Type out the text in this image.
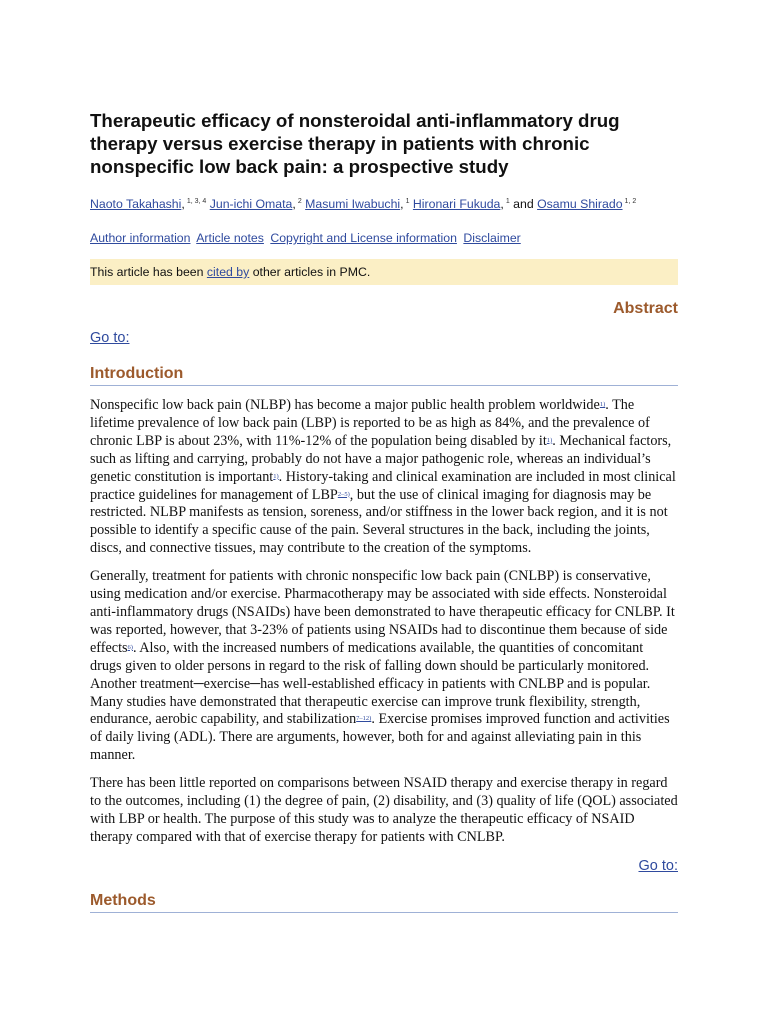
Therapeutic efficacy of nonsteroidal anti-inflammatory drug therapy versus exercise therapy in patients with chronic nonspecific low back pain: a prospective study
Naoto Takahashi, $^{1, 3, 4}$ Jun-ichi Omata, $^2$ Masumi Iwabuchi, $^1$ Hironari Fukuda, $^1$ and Osamu Shirado $^{1, 2}$
Author information Article notes Copyright and License information Disclaimer
This article has been cited by other articles in PMC.
Abstract
Go to:
Introduction

Nonspecific low back pain (NLBP) has become a major public health problem worldwide$^{1)}$. The lifetime prevalence of low back pain (LBP) is reported to be as high as 84%, and the prevalence of chronic LBP is about 23%, with 11%-12% of the population being disabled by it$^{1)}$. Mechanical factors, such as lifting and carrying, probably do not have a major pathogenic role, whereas an individual’s genetic constitution is important$^{1)}$. History-taking and clinical examination are included in most clinical practice guidelines for management of LBP$^{2-5)}$, but the use of clinical imaging for diagnosis may be restricted. NLBP manifests as tension, soreness, and/or stiffness in the lower back region, and it is not possible to identify a specific cause of the pain. Several structures in the back, including the joints, discs, and connective tissues, may contribute to the creation of the symptoms.

Generally, treatment for patients with chronic nonspecific low back pain (CNLBP) is conservative, using medication and/or exercise. Pharmacotherapy may be associated with side effects. Nonsteroidal anti-inflammatory drugs (NSAIDs) have been demonstrated to have therapeutic efficacy for CNLBP. It was reported, however, that 3-23% of patients using NSAIDs had to discontinue them because of side effects$^{6)}$. Also, with the increased numbers of medications available, the quantities of concomitant drugs given to older persons in regard to the risk of falling down should be particularly monitored. Another treatment─exercise─has well-established efficacy in patients with CNLBP and is popular. Many studies have demonstrated that therapeutic exercise can improve trunk flexibility, strength, endurance, aerobic capability, and stabilization$^{7-12)}$. Exercise promises improved function and activities of daily living (ADL). There are arguments, however, both for and against alleviating pain in this manner.

There has been little reported on comparisons between NSAID therapy and exercise therapy in regard to the outcomes, including (1) the degree of pain, (2) disability, and (3) quality of life (QOL) associated with LBP or health. The purpose of this study was to analyze the therapeutic efficacy of NSAID therapy compared with that of exercise therapy for patients with CNLBP.

Go to:
Methods
